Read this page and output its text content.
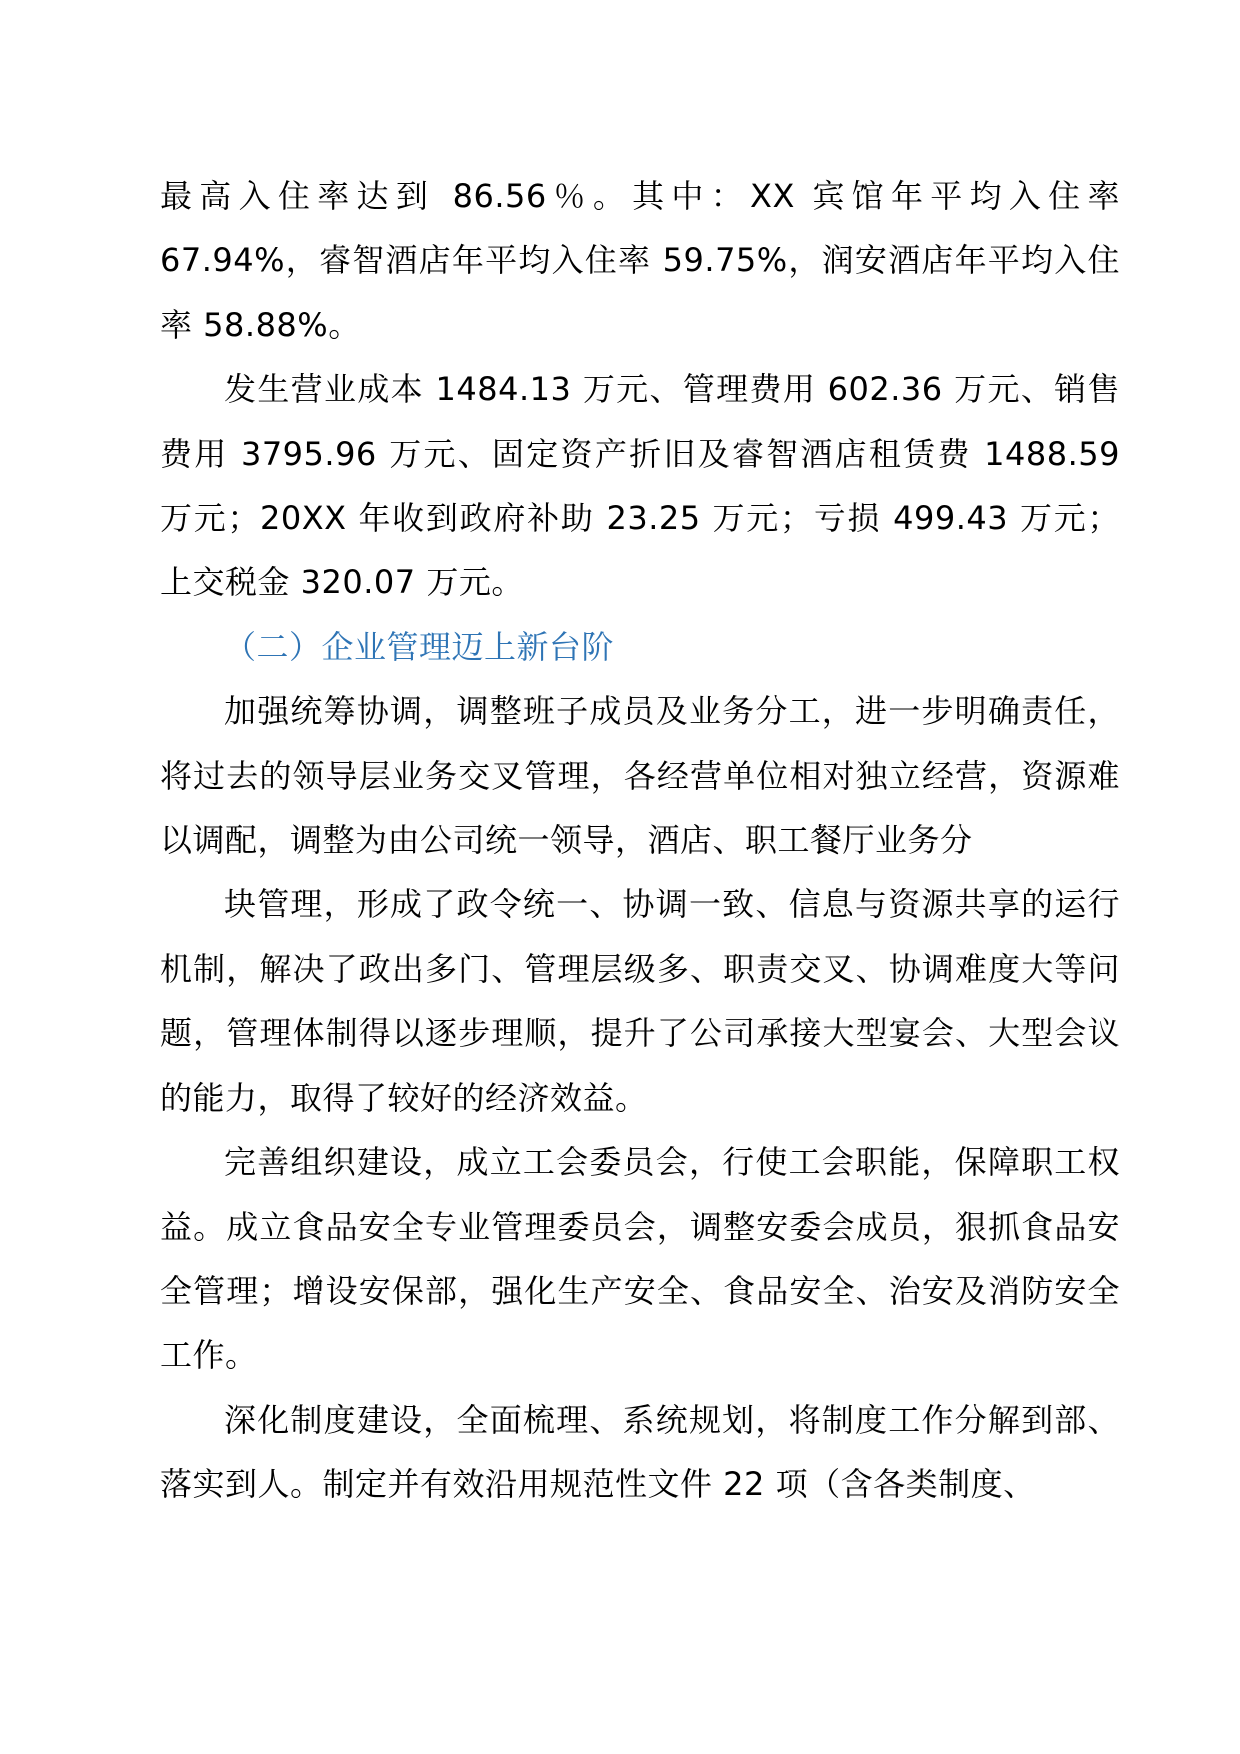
最高入住率达到 86.56％。其中：XX 宾馆年平均入住率 67.94%，睿智酒店年平均入住率 59.75%，润安酒店年平均入住率 58.88%。

发生营业成本 1484.13 万元、管理费用 602.36 万元、销售费用 3795.96 万元、固定资产折旧及睿智酒店租赁费 1488.59 万元；20XX 年收到政府补助 23.25 万元；亏损 499.43 万元；上交税金 320.07 万元。

（二）企业管理迈上新台阶

加强统筹协调，调整班子成员及业务分工，进一步明确责任，将过去的领导层业务交叉管理，各经营单位相对独立经营，资源难以调配，调整为由公司统一领导，酒店、职工餐厅业务分

块管理，形成了政令统一、协调一致、信息与资源共享的运行机制，解决了政出多门、管理层级多、职责交叉、协调难度大等问题，管理体制得以逐步理顺，提升了公司承接大型宴会、大型会议的能力，取得了较好的经济效益。

完善组织建设，成立工会委员会，行使工会职能，保障职工权益。成立食品安全专业管理委员会，调整安委会成员，狠抓食品安全管理；增设安保部，强化生产安全、食品安全、治安及消防安全工作。

深化制度建设，全面梳理、系统规划，将制度工作分解到部、落实到人。制定并有效沿用规范性文件 22 项（含各类制度、
